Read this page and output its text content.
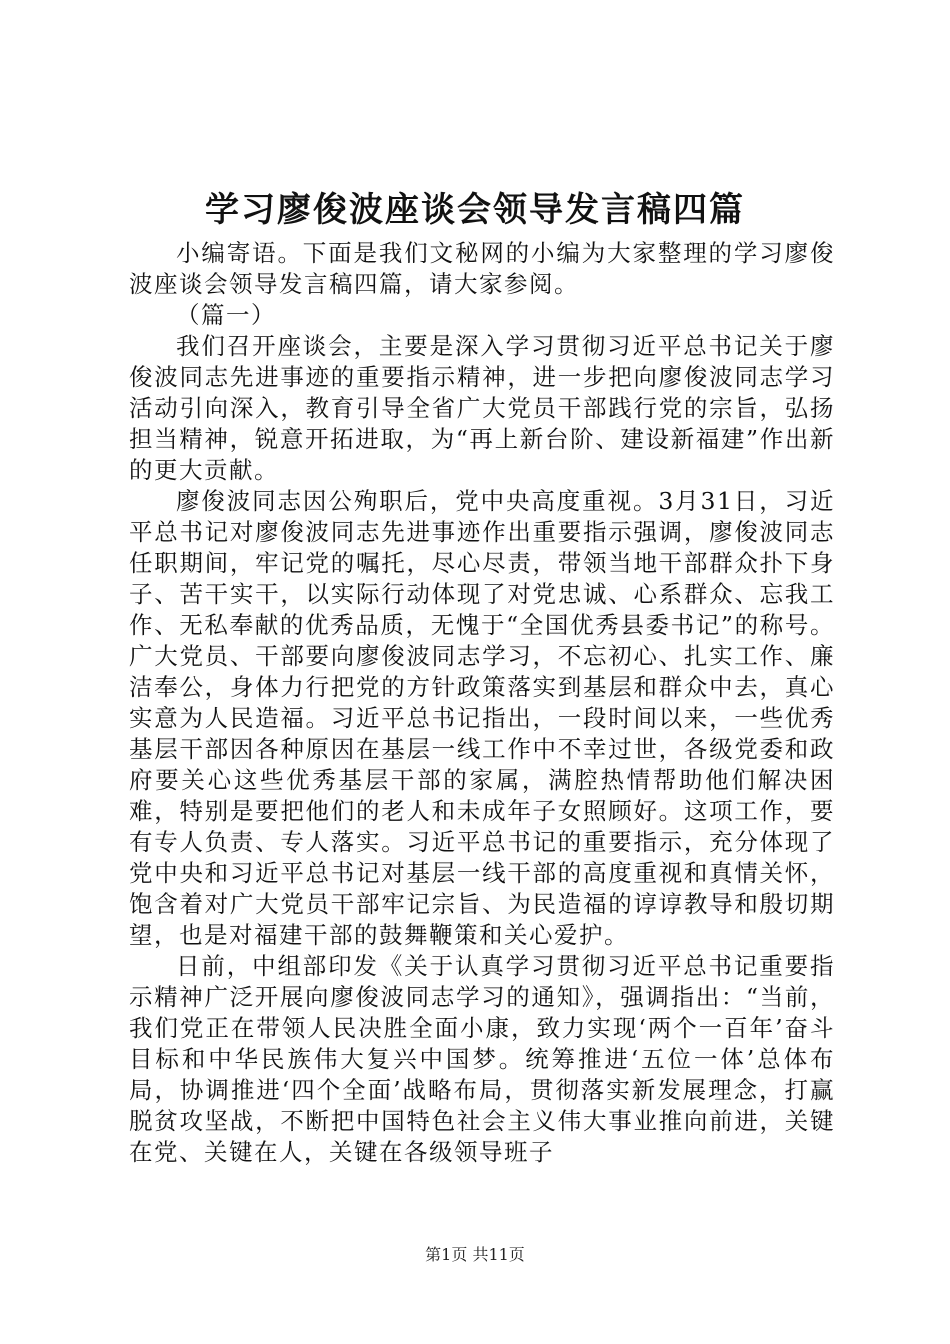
学习廖俊波座谈会领导发言稿四篇

小编寄语。下面是我们文秘网的小编为大家整理的学习廖俊波座谈会领导发言稿四篇，请大家参阅。

（篇一）

我们召开座谈会，主要是深入学习贯彻习近平总书记关于廖俊波同志先进事迹的重要指示精神，进一步把向廖俊波同志学习活动引向深入，教育引导全省广大党员干部践行党的宗旨，弘扬担当精神，锐意开拓进取，为“再上新台阶、建设新福建”作出新的更大贡献。

廖俊波同志因公殉职后，党中央高度重视。3月31日，习近平总书记对廖俊波同志先进事迹作出重要指示强调，廖俊波同志任职期间，牢记党的嘱托，尽心尽责，带领当地干部群众扑下身子、苦干实干，以实际行动体现了对党忠诚、心系群众、忘我工作、无私奉献的优秀品质，无愧于“全国优秀县委书记”的称号。广大党员、干部要向廖俊波同志学习，不忘初心、扎实工作、廉洁奉公，身体力行把党的方针政策落实到基层和群众中去，真心实意为人民造福。习近平总书记指出，一段时间以来，一些优秀基层干部因各种原因在基层一线工作中不幸过世，各级党委和政府要关心这些优秀基层干部的家属，满腔热情帮助他们解决困难，特别是要把他们的老人和未成年子女照顾好。这项工作，要有专人负责、专人落实。习近平总书记的重要指示，充分体现了党中央和习近平总书记对基层一线干部的高度重视和真情关怀，饱含着对广大党员干部牢记宗旨、为民造福的谆谆教导和殷切期望，也是对福建干部的鼓舞鞭策和关心爱护。

日前，中组部印发《关于认真学习贯彻习近平总书记重要指示精神广泛开展向廖俊波同志学习的通知》，强调指出：“当前，我们党正在带领人民决胜全面小康，致力实现‘两个一百年’奋斗目标和中华民族伟大复兴中国梦。统筹推进‘五位一体’总体布局，协调推进‘四个全面’战略布局，贯彻落实新发展理念，打赢脱贫攻坚战，不断把中国特色社会主义伟大事业推向前进，关键在党、关键在人，关键在各级领导班子

第1页 共11页
